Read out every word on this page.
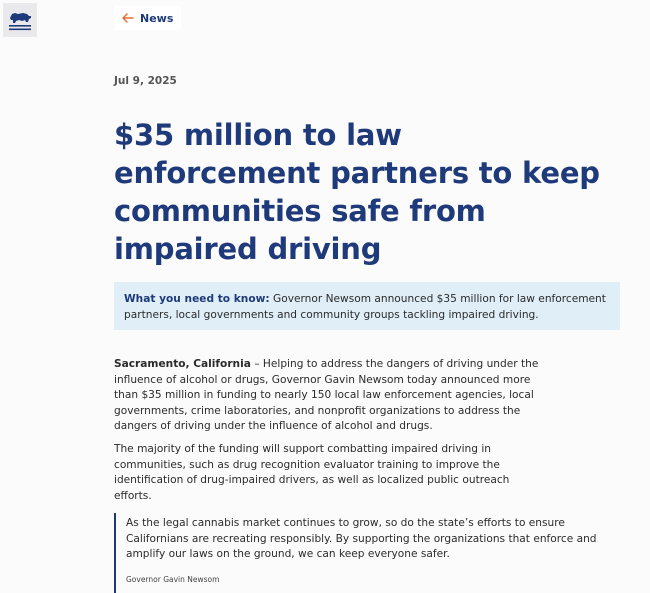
News
Jul 9, 2025
$35 million to law enforcement partners to keep communities safe from impaired driving
What you need to know: Governor Newsom announced $35 million for law enforcement partners, local governments and community groups tackling impaired driving.

Sacramento, California – Helping to address the dangers of driving under the influence of alcohol or drugs, Governor Gavin Newsom today announced more than $35 million in funding to nearly 150 local law enforcement agencies, local governments, crime laboratories, and nonprofit organizations to address the dangers of driving under the influence of alcohol and drugs.

The majority of the funding will support combatting impaired driving in communities, such as drug recognition evaluator training to improve the identification of drug-impaired drivers, as well as localized public outreach efforts.

As the legal cannabis market continues to grow, so do the state’s efforts to ensure Californians are recreating responsibly. By supporting the organizations that enforce and amplify our laws on the ground, we can keep everyone safer.

Governor Gavin Newsom
